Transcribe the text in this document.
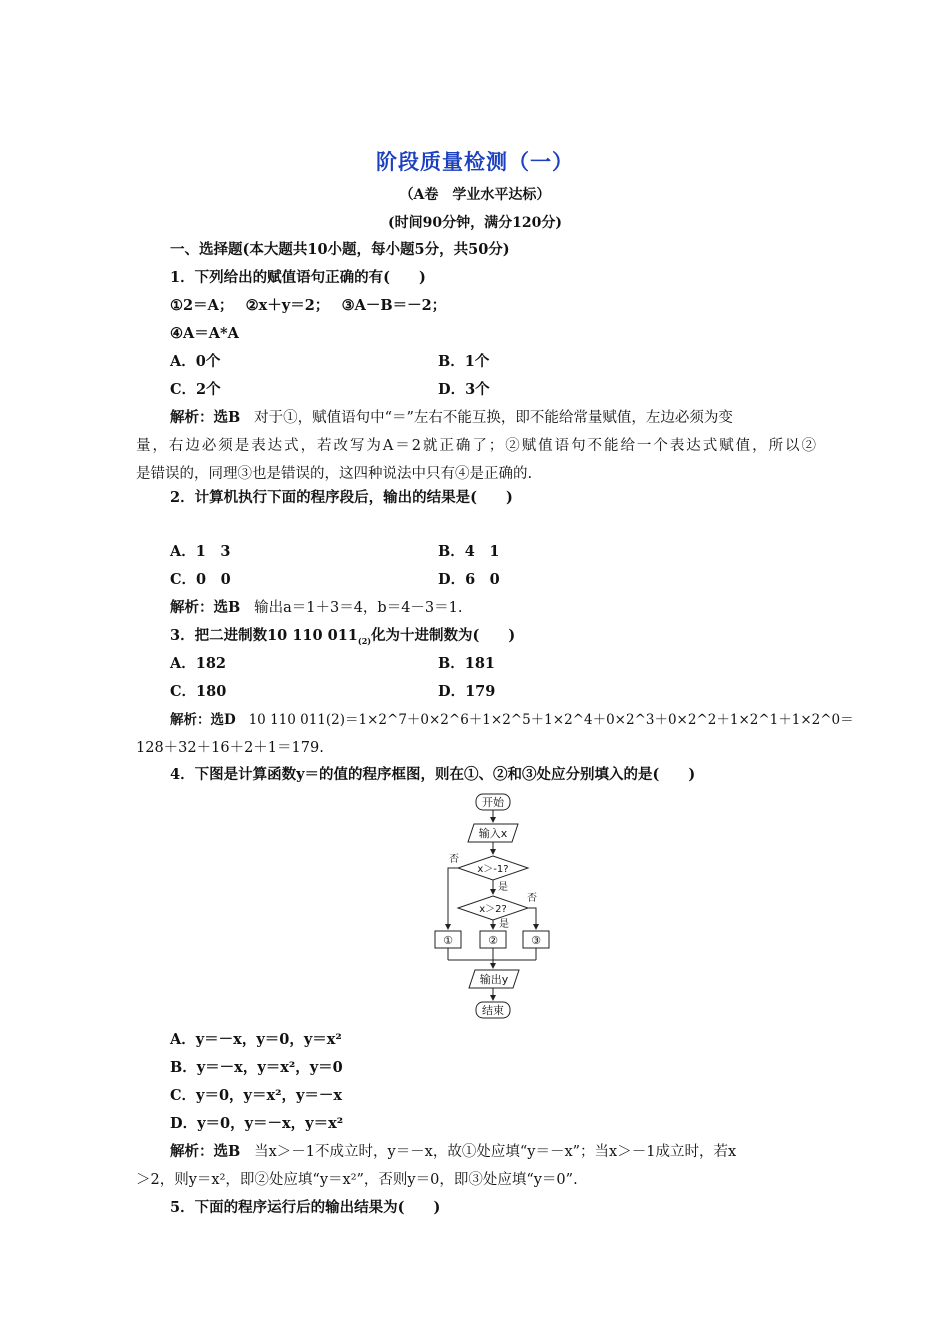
阶段质量检测（一）
（A卷　学业水平达标）
(时间90分钟，满分120分)
一、选择题(本大题共10小题，每小题5分，共50分)
1．下列给出的赋值语句正确的有(　　)
①2＝A；　 ②x＋y＝2；　 ③A－B＝－2；
④A＝A*A
A．0个	B．1个
C．2个	D．3个
解析：选B 对于①，赋值语句中“＝”左右不能互换，即不能给常量赋值，左边必须为变
量，右边必须是表达式，若改写为A＝2就正确了；②赋值语句不能给一个表达式赋值，所以②
是错误的，同理③也是错误的，这四种说法中只有④是正确的.
2．计算机执行下面的程序段后，输出的结果是(　　)
A．1　3	B．4　1
C．0　0	D．6　0
解析：选B 输出a＝1＋3＝4，b＝4－3＝1.
3．把二进制数10 110 $011_{(2)}$化为十进制数为(　　)
A．182	B．181
C．180	D．179
解析：选D 10 110 011(2)＝1×2^7＋0×2^6＋1×2^5＋1×2^4＋0×2^3＋0×2^2＋1×2^1＋1×2^0＝
128＋32＋16＋2＋1＝179.
4．下图是计算函数y＝的值的程序框图，则在①、②和③处应分别填入的是(　　)
开始
输入x
x＞-1?
x＞2?
否
是
否
是
①	②	③
输出y
结束
A．y＝－x，y＝0，y＝x²
B．y＝－x，y＝x²，y＝0
C．y＝0，y＝x²，y＝－x
D．y＝0，y＝－x，y＝x²
解析：选B 当x＞－1不成立时，y＝－x，故①处应填“y＝－x”；当x＞－1成立时，若x
＞2，则y＝x²，即②处应填“y＝x²”，否则y＝0，即③处应填“y＝0”.
5．下面的程序运行后的输出结果为(　　)
